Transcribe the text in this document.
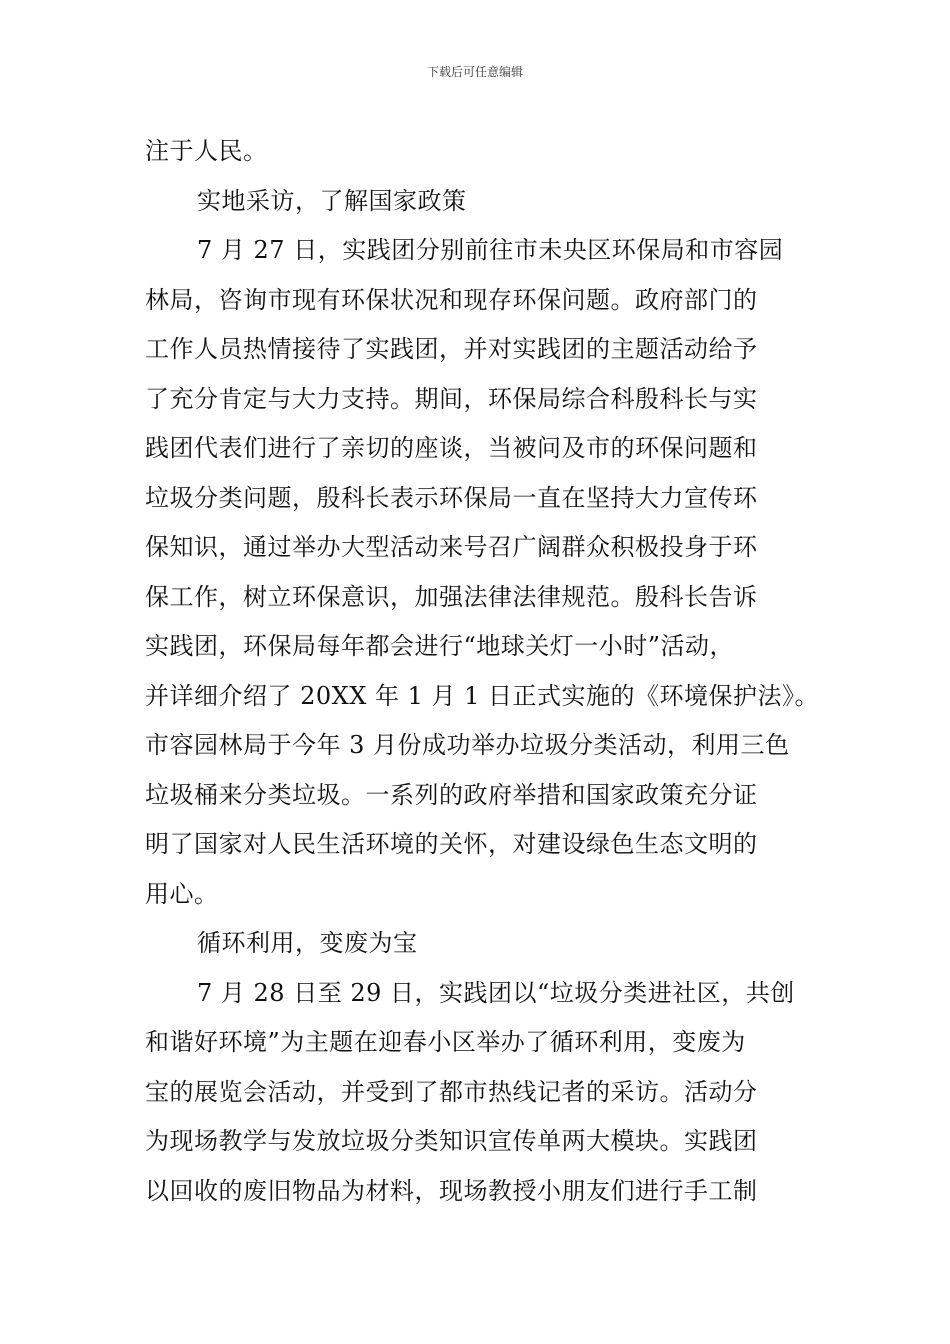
下载后可任意编辑
注于人民。
实地采访，了解国家政策
7 月 27 日，实践团分别前往市未央区环保局和市容园
林局，咨询市现有环保状况和现存环保问题。政府部门的
工作人员热情接待了实践团，并对实践团的主题活动给予
了充分肯定与大力支持。期间，环保局综合科殷科长与实
践团代表们进行了亲切的座谈，当被问及市的环保问题和
垃圾分类问题，殷科长表示环保局一直在坚持大力宣传环
保知识，通过举办大型活动来号召广阔群众积极投身于环
保工作，树立环保意识，加强法律法律规范。殷科长告诉
实践团，环保局每年都会进行“地球关灯一小时”活动，
并详细介绍了 20XX 年 1 月 1 日正式实施的《环境保护法》。
市容园林局于今年 3 月份成功举办垃圾分类活动，利用三色
垃圾桶来分类垃圾。一系列的政府举措和国家政策充分证
明了国家对人民生活环境的关怀，对建设绿色生态文明的
用心。
循环利用，变废为宝
7 月 28 日至 29 日，实践团以“垃圾分类进社区，共创
和谐好环境”为主题在迎春小区举办了循环利用，变废为
宝的展览会活动，并受到了都市热线记者的采访。活动分
为现场教学与发放垃圾分类知识宣传单两大模块。实践团
以回收的废旧物品为材料，现场教授小朋友们进行手工制
